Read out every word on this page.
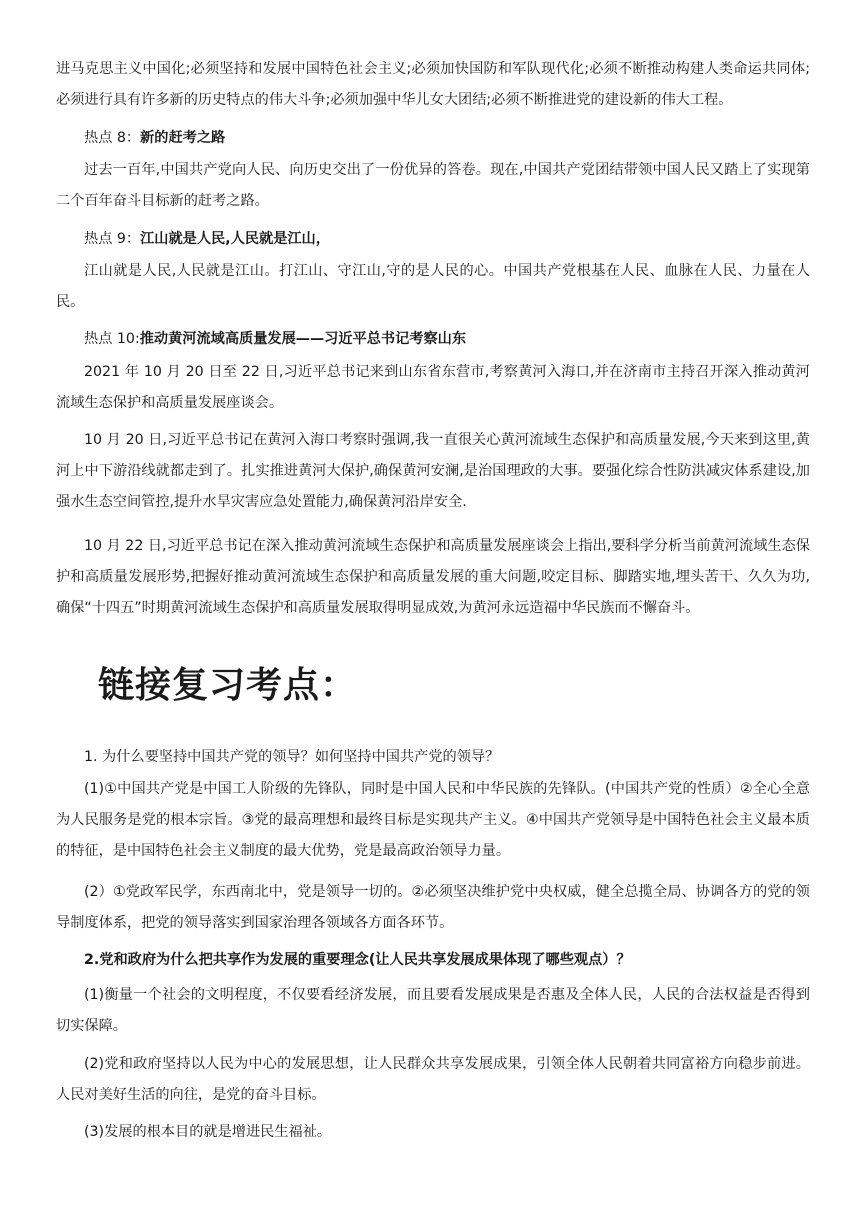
进马克思主义中国化;必须坚持和发展中国特色社会主义;必须加快国防和军队现代化;必须不断推动构建人类命运共同体;必须进行具有许多新的历史特点的伟大斗争;必须加强中华儿女大团结;必须不断推进党的建设新的伟大工程。

热点 8：新的赶考之路

过去一百年,中国共产党向人民、向历史交出了一份优异的答卷。现在,中国共产党团结带领中国人民又踏上了实现第二个百年奋斗目标新的赶考之路。

热点 9：江山就是人民,人民就是江山，

江山就是人民,人民就是江山。打江山、守江山,守的是人民的心。中国共产党根基在人民、血脉在人民、力量在人民。

热点 10:推动黄河流域高质量发展——习近平总书记考察山东

2021 年 10 月 20 日至 22 日,习近平总书记来到山东省东营市,考察黄河入海口,并在济南市主持召开深入推动黄河流域生态保护和高质量发展座谈会。

10 月 20 日,习近平总书记在黄河入海口考察时强调,我一直很关心黄河流域生态保护和高质量发展,今天来到这里,黄河上中下游沿线就都走到了。扎实推进黄河大保护,确保黄河安澜,是治国理政的大事。要强化综合性防洪减灾体系建设,加强水生态空间管控,提升水旱灾害应急处置能力,确保黄河沿岸安全.

10 月 22 日,习近平总书记在深入推动黄河流域生态保护和高质量发展座谈会上指出,要科学分析当前黄河流域生态保护和高质量发展形势,把握好推动黄河流域生态保护和高质量发展的重大问题,咬定目标、脚踏实地,埋头苦干、久久为功,确保“十四五”时期黄河流域生态保护和高质量发展取得明显成效,为黄河永远造福中华民族而不懈奋斗。

链接复习考点：

1. 为什么要坚持中国共产党的领导？如何坚持中国共产党的领导？

(1)①中国共产党是中国工人阶级的先锋队，同时是中国人民和中华民族的先锋队。(中国共产党的性质）②全心全意为人民服务是党的根本宗旨。③党的最高理想和最终目标是实现共产主义。④中国共产党领导是中国特色社会主义最本质的特征，是中国特色社会主义制度的最大优势，党是最高政治领导力量。

(2）①党政军民学，东西南北中，党是领导一切的。②必须坚决维护党中央权威，健全总揽全局、协调各方的党的领导制度体系，把党的领导落实到国家治理各领域各方面各环节。

2.党和政府为什么把共享作为发展的重要理念(让人民共享发展成果体现了哪些观点）？

(1)衡量一个社会的文明程度，不仅要看经济发展，而且要看发展成果是否惠及全体人民，人民的合法权益是否得到切实保障。

(2)党和政府坚持以人民为中心的发展思想，让人民群众共享发展成果，引领全体人民朝着共同富裕方向稳步前进。人民对美好生活的向往，是党的奋斗目标。

(3)发展的根本目的就是增进民生福祉。
